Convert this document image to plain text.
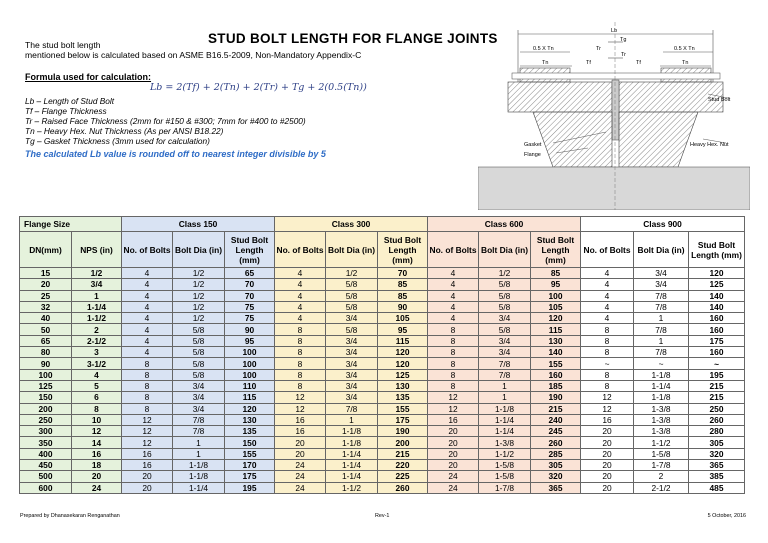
STUD BOLT LENGTH FOR FLANGE JOINTS
The stud bolt length
mentioned below is calculated based on ASME B16.5-2009, Non-Mandatory Appendix-C
Formula used for calculation:
Lb = 2(Tf) + 2(Tn) + 2(Tr) + Tg + 2(0.5(Tn))
Lb – Length of Stud Bolt
Tf – Flange Thickness
Tr – Raised Face Thickness (2mm for #150 & #300; 7mm for #400 to #2500)
Tn – Heavy Hex. Nut Thickness (As per ANSI B18.22)
Tg – Gasket Thickness (3mm used for calculation)
The calculated Lb value is rounded off to nearest integer divisible by 5
Lb
Tg
0.5 X Tn	0.5 X Tn
Tr
Tr
Tn	Tn
Tf	Tf
Stud Bolt
Heavy Hex. Nut
Gasket
Flange
Flange Size		Class 150			Class 300			Class 600			Class 900		
DN(mm)	NPS (in)	No. of Bolts	Bolt Dia (in)	Stud Bolt Length (mm)	No. of Bolts	Bolt Dia (in)	Stud Bolt Length (mm)	No. of Bolts	Bolt Dia (in)	Stud Bolt Length (mm)	No. of Bolts	Bolt Dia (in)	Stud Bolt Length (mm)
15	1/2	4	1/2	65	4	1/2	70	4	1/2	85	4	3/4	120
20	3/4	4	1/2	70	4	5/8	85	4	5/8	95	4	3/4	125
25	1	4	1/2	70	4	5/8	85	4	5/8	100	4	7/8	140
32	1-1/4	4	1/2	75	4	5/8	90	4	5/8	105	4	7/8	140
40	1-1/2	4	1/2	75	4	3/4	105	4	3/4	120	4	1	160
50	2	4	5/8	90	8	5/8	95	8	5/8	115	8	7/8	160
65	2-1/2	4	5/8	95	8	3/4	115	8	3/4	130	8	1	175
80	3	4	5/8	100	8	3/4	120	8	3/4	140	8	7/8	160
90	3-1/2	8	5/8	100	8	3/4	120	8	7/8	155	~	~	~
100	4	8	5/8	100	8	3/4	125	8	7/8	160	8	1-1/8	195
125	5	8	3/4	110	8	3/4	130	8	1	185	8	1-1/4	215
150	6	8	3/4	115	12	3/4	135	12	1	190	12	1-1/8	215
200	8	8	3/4	120	12	7/8	155	12	1-1/8	215	12	1-3/8	250
250	10	12	7/8	130	16	1	175	16	1-1/4	240	16	1-3/8	260
300	12	12	7/8	135	16	1-1/8	190	20	1-1/4	245	20	1-3/8	280
350	14	12	1	150	20	1-1/8	200	20	1-3/8	260	20	1-1/2	305
400	16	16	1	155	20	1-1/4	215	20	1-1/2	285	20	1-5/8	320
450	18	16	1-1/8	170	24	1-1/4	220	20	1-5/8	305	20	1-7/8	365
500	20	20	1-1/8	175	24	1-1/4	225	24	1-5/8	320	20	2	385
600	24	20	1-1/4	195	24	1-1/2	260	24	1-7/8	365	20	2-1/2	485
Prepared by Dhanasekaran Renganathan	Rev-1	5 October, 2016
